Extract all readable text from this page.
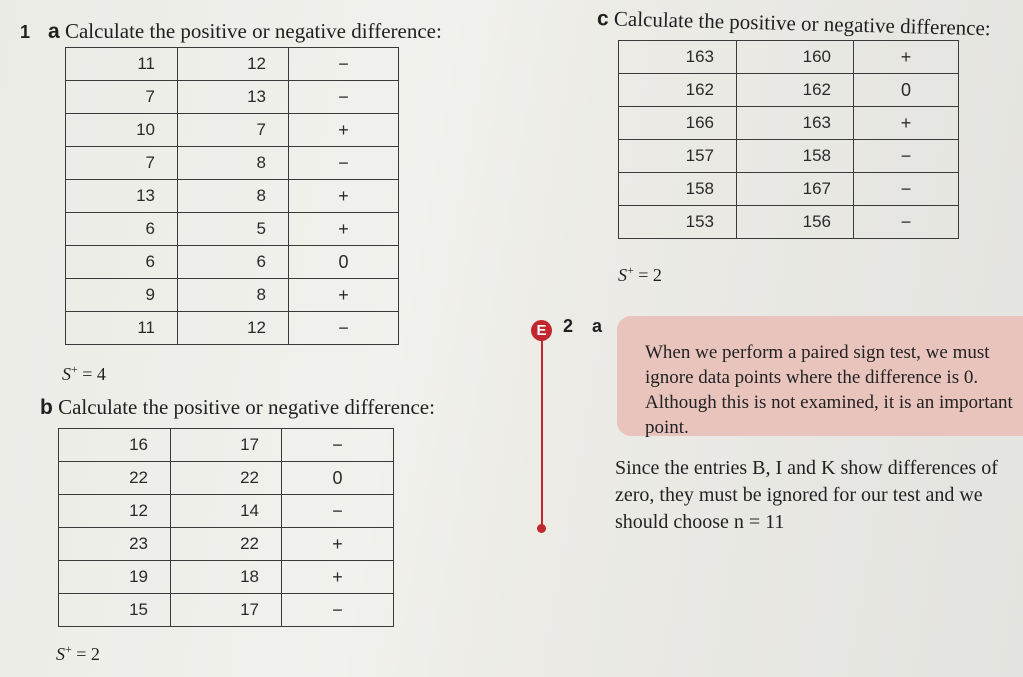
1 a Calculate the positive or negative difference:
11	12	−
7	13	−
10	7	+
7	8	−
13	8	+
6	5	+
6	6	0
9	8	+
11	12	−
S+ = 4
b Calculate the positive or negative difference:
16	17	−
22	22	0
12	14	−
23	22	+
19	18	+
15	17	−
S+ = 2
c Calculate the positive or negative difference:
163	160	+
162	162	0
166	163	+
157	158	−
158	167	−
153	156	−
S+ = 2
E 2 a
When we perform a paired sign test, we must ignore data points where the difference is 0. Although this is not examined, it is an important point.
Since the entries B, I and K show differences of zero, they must be ignored for our test and we should choose n = 11
